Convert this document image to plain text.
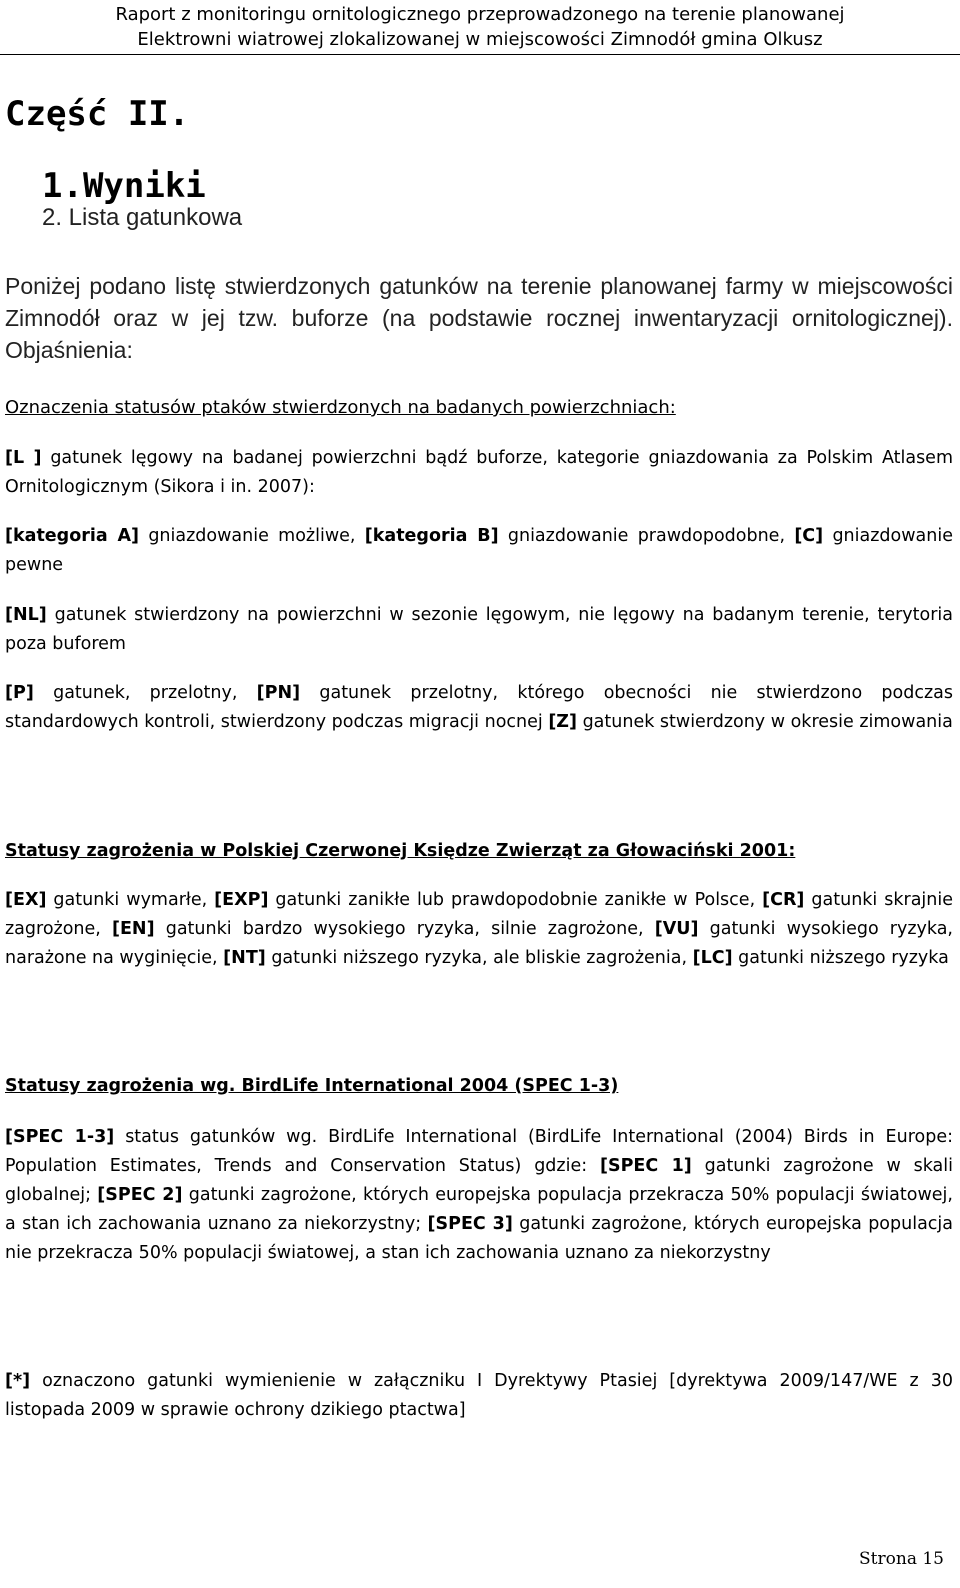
Raport z monitoringu ornitologicznego przeprowadzonego na terenie planowanej
Elektrowni wiatrowej zlokalizowanej w miejscowości Zimnodół gmina Olkusz
Część II.
1.Wyniki
2. Lista gatunkowa
Poniżej podano listę stwierdzonych gatunków na terenie planowanej farmy w miejscowości Zimnodół oraz w jej tzw. buforze (na podstawie rocznej inwentaryzacji ornitologicznej). Objaśnienia:
Oznaczenia statusów ptaków stwierdzonych na badanych powierzchniach:
[L ] gatunek lęgowy na badanej powierzchni bądź buforze, kategorie gniazdowania za Polskim Atlasem Ornitologicznym (Sikora i in. 2007):
[kategoria A] gniazdowanie możliwe, [kategoria B] gniazdowanie prawdopodobne, [C] gniazdowanie pewne
[NL] gatunek stwierdzony na powierzchni w sezonie lęgowym, nie lęgowy na badanym terenie, terytoria poza buforem
[P] gatunek, przelotny, [PN] gatunek przelotny, którego obecności nie stwierdzono podczas standardowych kontroli, stwierdzony podczas migracji nocnej [Z] gatunek stwierdzony w okresie zimowania
Statusy zagrożenia w Polskiej Czerwonej Księdze Zwierząt za Głowaciński 2001:
[EX] gatunki wymarłe, [EXP] gatunki zanikłe lub prawdopodobnie zanikłe w Polsce, [CR] gatunki skrajnie zagrożone, [EN] gatunki bardzo wysokiego ryzyka, silnie zagrożone, [VU] gatunki wysokiego ryzyka, narażone na wyginięcie, [NT] gatunki niższego ryzyka, ale bliskie zagrożenia, [LC] gatunki niższego ryzyka
Statusy zagrożenia wg. BirdLife International 2004 (SPEC 1-3)
[SPEC 1-3] status gatunków wg. BirdLife International (BirdLife International (2004) Birds in Europe: Population Estimates, Trends and Conservation Status) gdzie: [SPEC 1] gatunki zagrożone w skali globalnej; [SPEC 2] gatunki zagrożone, których europejska populacja przekracza 50% populacji światowej, a stan ich zachowania uznano za niekorzystny; [SPEC 3] gatunki zagrożone, których europejska populacja nie przekracza 50% populacji światowej, a stan ich zachowania uznano za niekorzystny
[*] oznaczono gatunki wymienienie w załączniku I Dyrektywy Ptasiej [dyrektywa 2009/147/WE z 30 listopada 2009 w sprawie ochrony dzikiego ptactwa]
Strona 15
